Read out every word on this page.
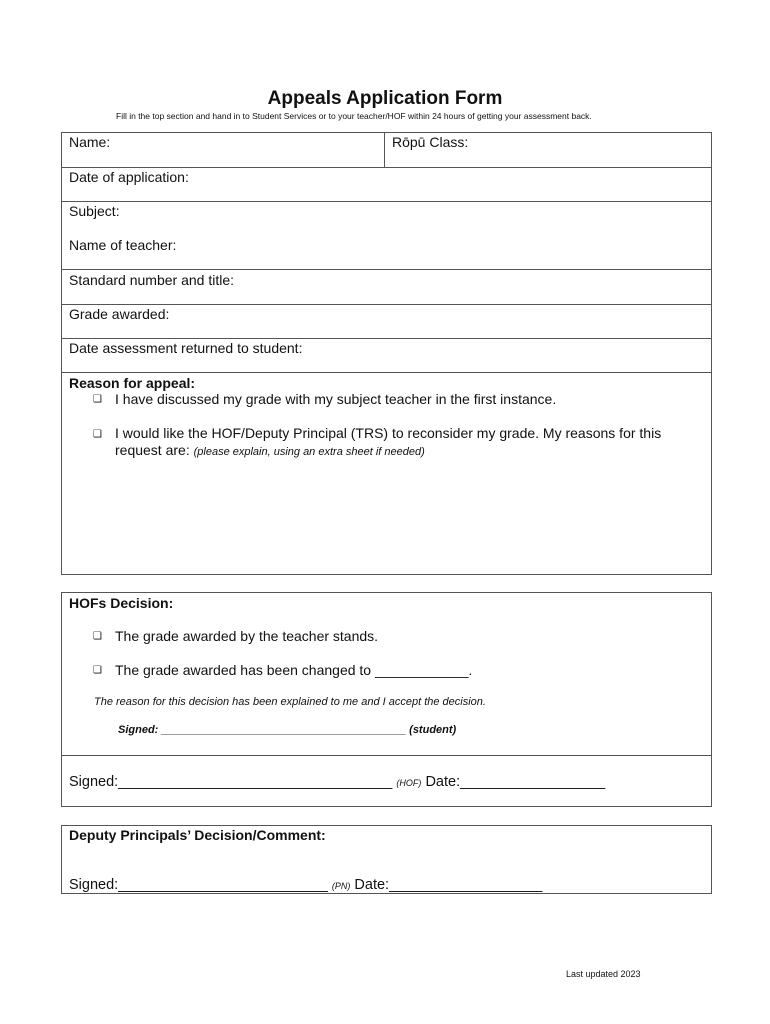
Appeals Application Form
Fill in the top section and hand in to Student Services or to your teacher/HOF within 24 hours of getting your assessment back.
Name:	Rōpū Class:
Date of application:
Subject:
Name of teacher:
Standard number and title:
Grade awarded:
Date assessment returned to student:
Reason for appeal:
❑ I have discussed my grade with my subject teacher in the first instance.
❑ I would like the HOF/Deputy Principal (TRS) to reconsider my grade. My reasons for this request are: (please explain, using an extra sheet if needed)
HOFs Decision:
❑ The grade awarded by the teacher stands.
❑ The grade awarded has been changed to ____________.
The reason for this decision has been explained to me and I accept the decision.
Signed: ________________________________________ (student)
Signed:__________________________________ (HOF) Date:__________________
Deputy Principals’ Decision/Comment:
Signed:__________________________ (PN) Date:___________________
Last updated 2023
